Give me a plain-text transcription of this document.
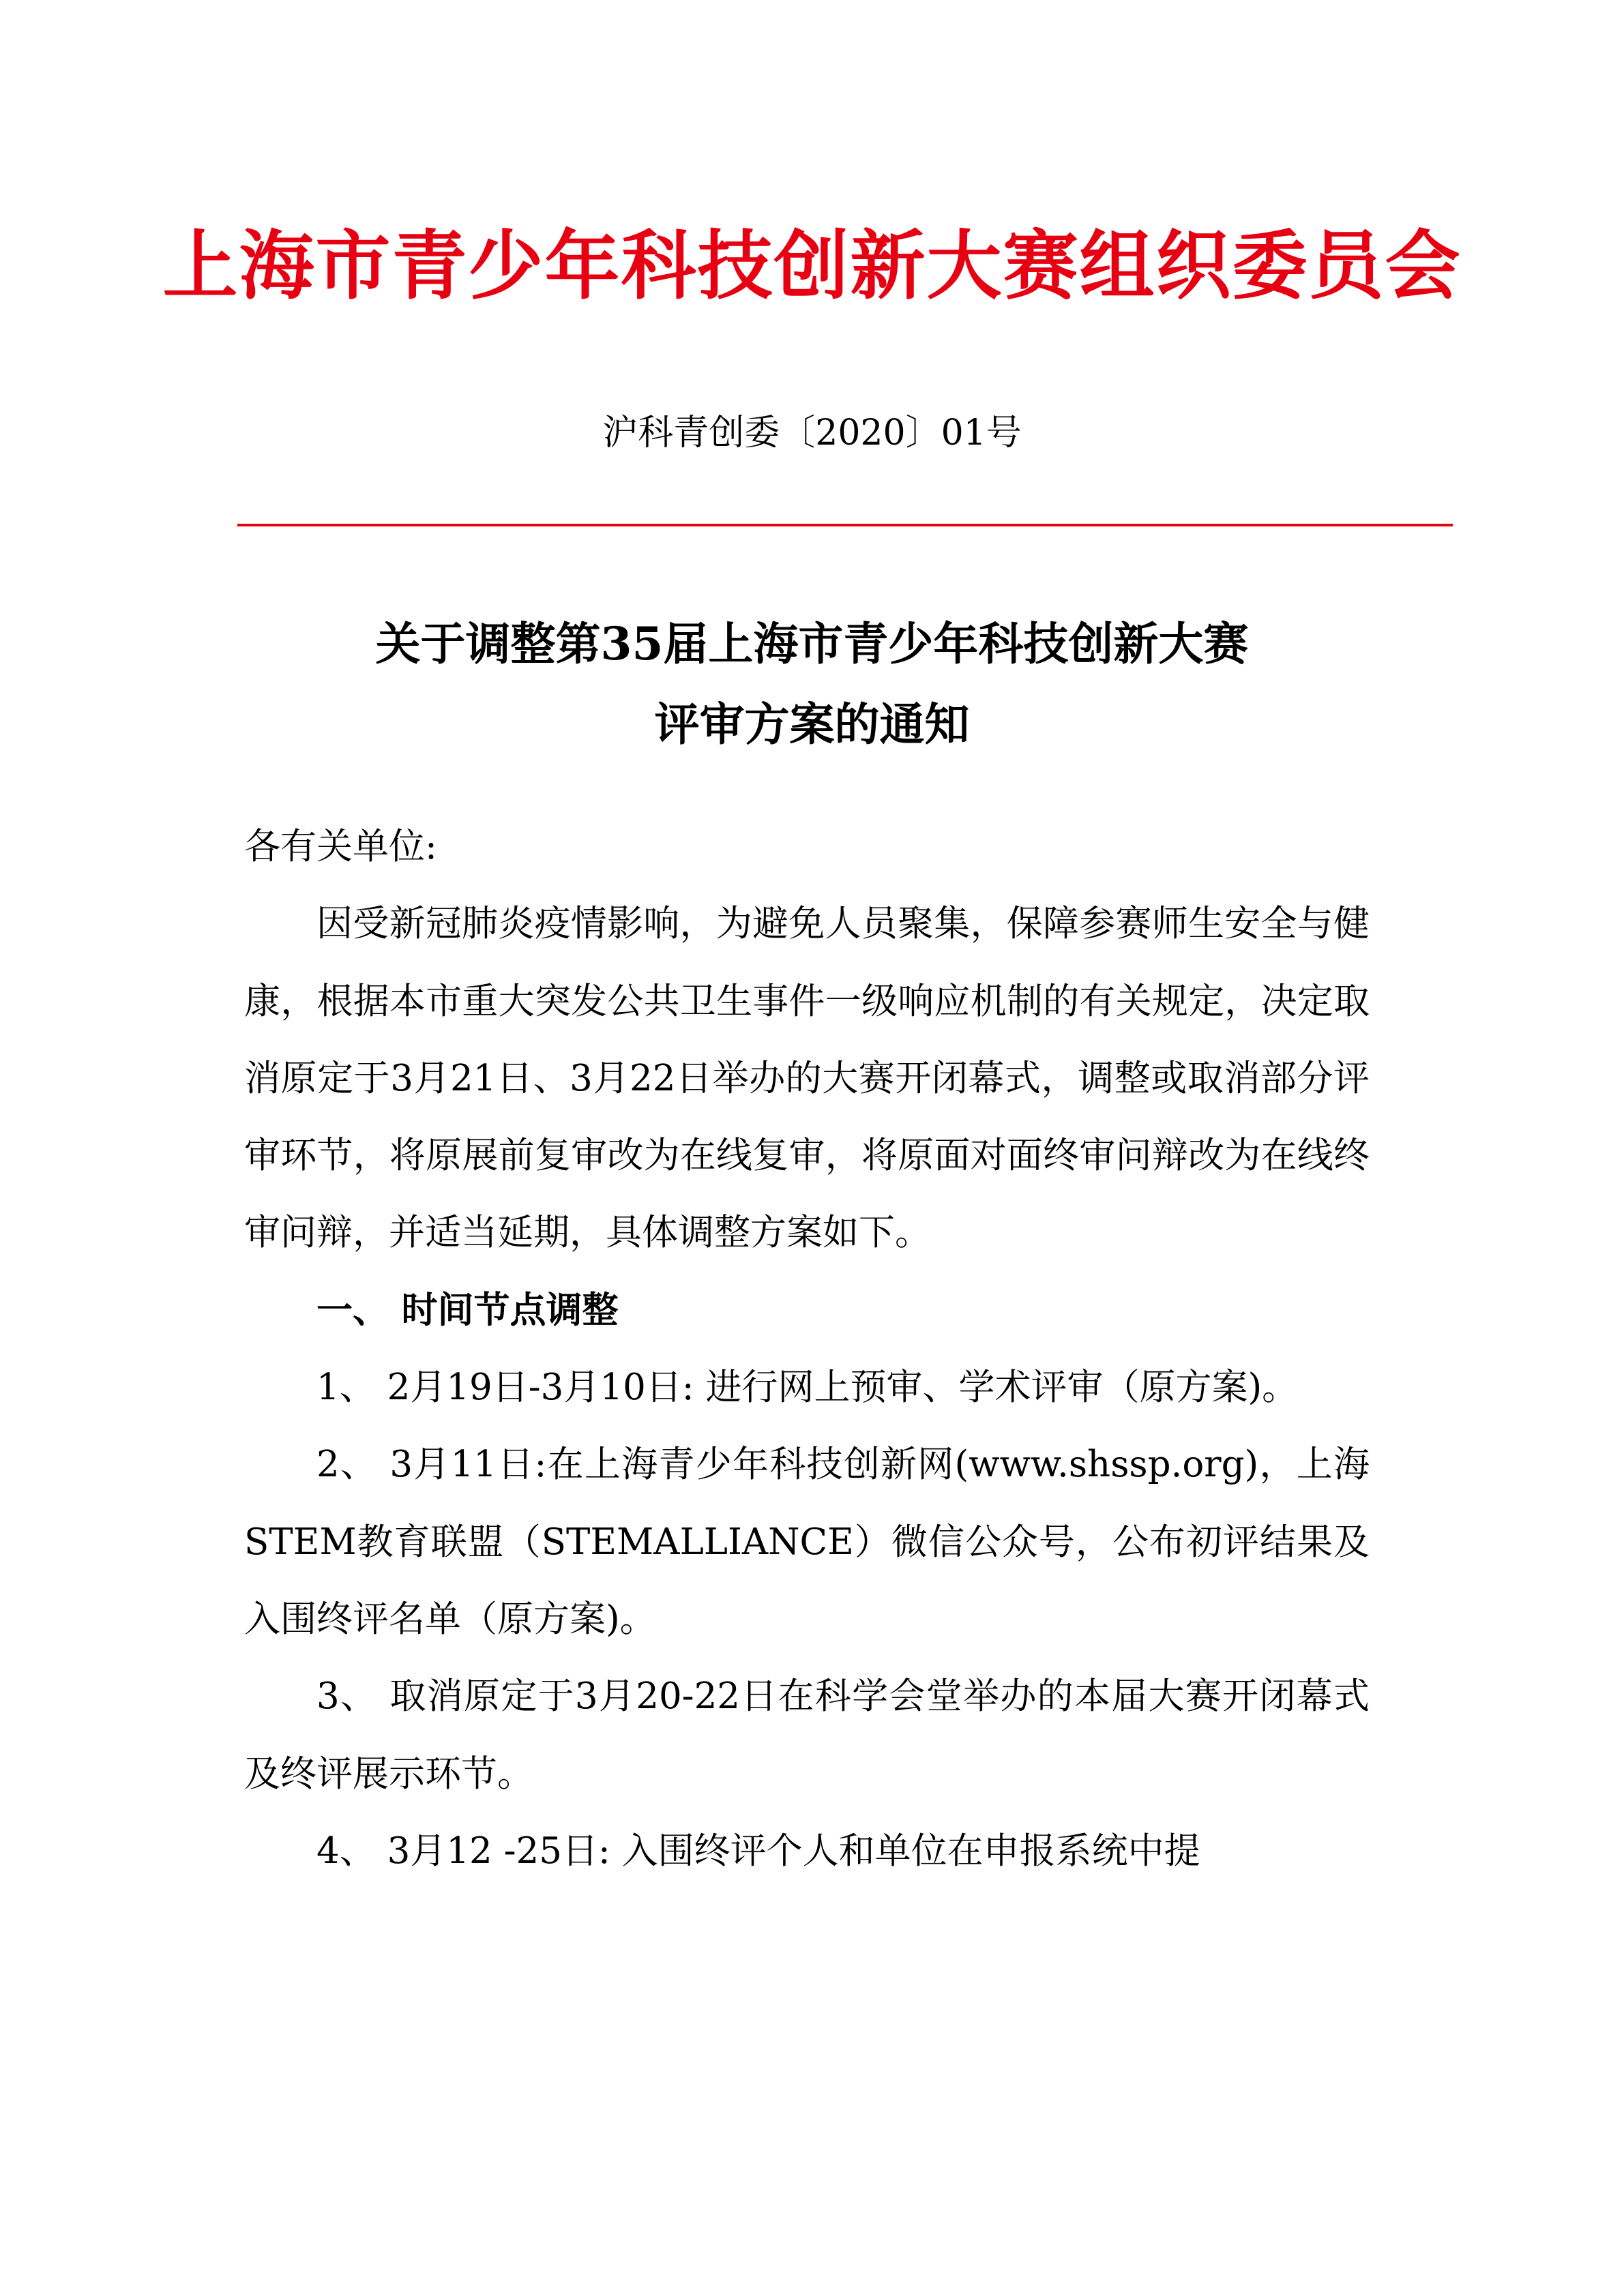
上海市青少年科技创新大赛组织委员会
沪科青创委〔2020〕01号
关于调整第35届上海市青少年科技创新大赛
评审方案的通知

各有关单位:

因受新冠肺炎疫情影响，为避免人员聚集，保障参赛师生安全与健康，根据本市重大突发公共卫生事件一级响应机制的有关规定，决定取消原定于3月21日、3月22日举办的大赛开闭幕式，调整或取消部分评审环节，将原展前复审改为在线复审，将原面对面终审问辩改为在线终审问辩，并适当延期，具体调整方案如下。

一、 时间节点调整

1、 2月19日-3月10日: 进行网上预审、学术评审（原方案)。

2、 3月11日:在上海青少年科技创新网(www.shssp.org)，上海STEM教育联盟（STEMALLIANCE）微信公众号，公布初评结果及入围终评名单（原方案)。

3、 取消原定于3月20-22日在科学会堂举办的本届大赛开闭幕式及终评展示环节。

4、 3月12 -25日: 入围终评个人和单位在申报系统中提
